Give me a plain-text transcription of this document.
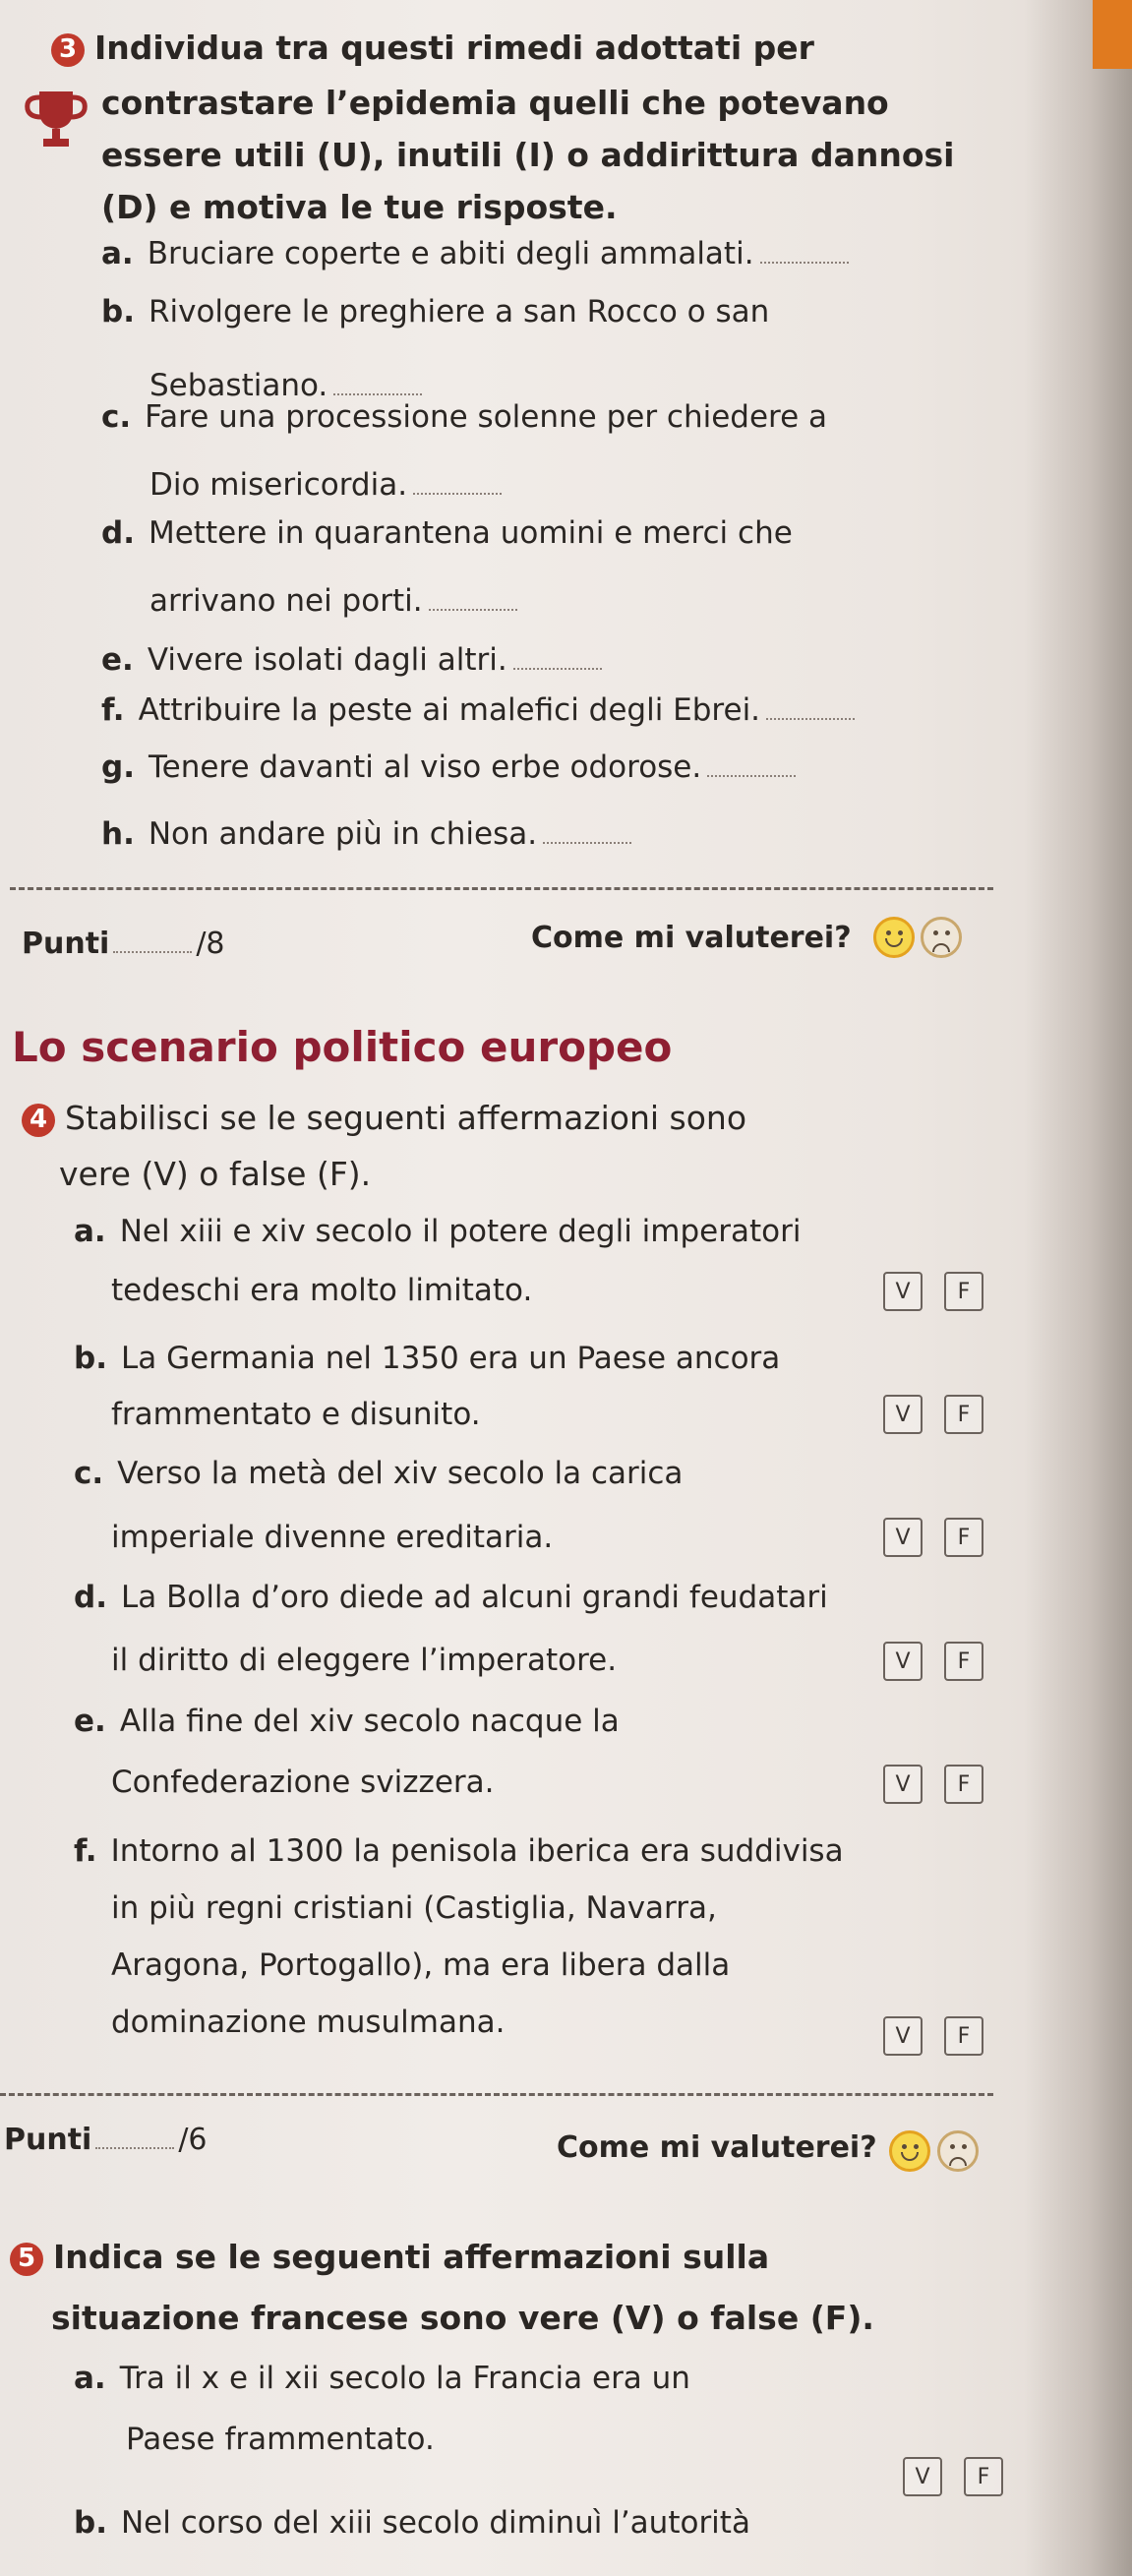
3 Individua tra questi rimedi adottati per
contrastare l’epidemia quelli che potevano
essere utili (U), inutili (I) o addirittura dannosi
(D) e motiva le tue risposte.
a. Bruciare coperte e abiti degli ammalati.
b. Rivolgere le preghiere a san Rocco o san
Sebastiano.
c. Fare una processione solenne per chiedere a
Dio misericordia.
d. Mettere in quarantena uomini e merci che
arrivano nei porti.
e. Vivere isolati dagli altri.
f. Attribuire la peste ai malefici degli Ebrei.
g. Tenere davanti al viso erbe odorose.
h. Non andare più in chiesa.
Punti	/8	Come mi valuterei?
Lo scenario politico europeo
4 Stabilisci se le seguenti affermazioni sono
vere (V) o false (F).
a. Nel xiii e xiv secolo il potere degli imperatori
tedeschi era molto limitato.	V	F
b. La Germania nel 1350 era un Paese ancora
frammentato e disunito.	V	F
c. Verso la metà del xiv secolo la carica
imperiale divenne ereditaria.	V	F
d. La Bolla d’oro diede ad alcuni grandi feudatari
il diritto di eleggere l’imperatore.	V	F
e. Alla fine del xiv secolo nacque la
Confederazione svizzera.	V	F
f. Intorno al 1300 la penisola iberica era suddivisa
in più regni cristiani (Castiglia, Navarra,
Aragona, Portogallo), ma era libera dalla
dominazione musulmana.	V	F
Punti	/6	Come mi valuterei?
5 Indica se le seguenti affermazioni sulla
situazione francese sono vere (V) o false (F).
a. Tra il x e il xii secolo la Francia era un
Paese frammentato.
V	F
b. Nel corso del xiii secolo diminuì l’autorità
